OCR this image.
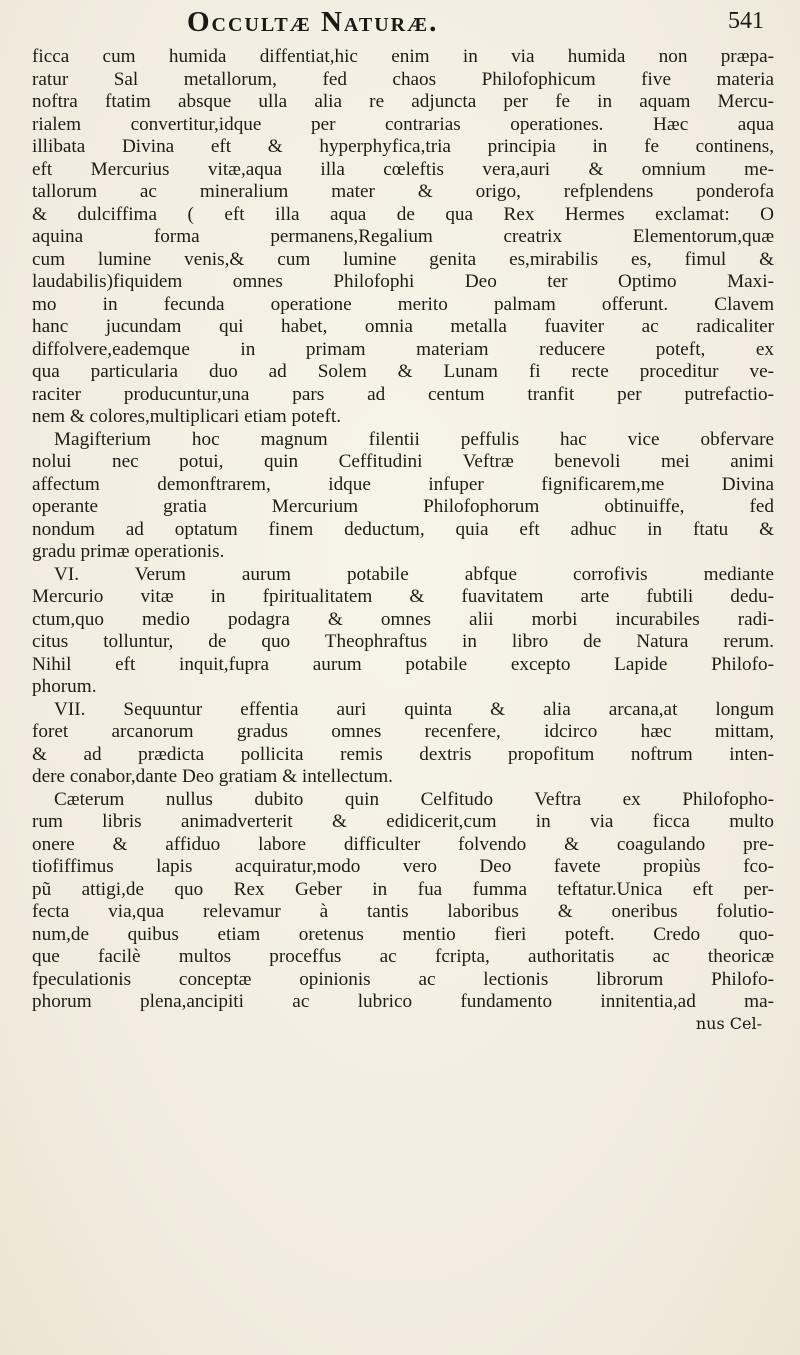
Occultæ Naturæ.	541
ficca cum humida diffentiat,hic enim in via humida non præpa-
ratur Sal metallorum, fed chaos Philofophicum five materia
noftra ftatim absque ulla alia re adjuncta per fe in aquam Mercu-
rialem convertitur,idque per contrarias operationes. Hæc aqua
illibata Divina eft & hyperphyfica,tria principia in fe continens,
eft Mercurius vitæ,aqua illa cœleftis vera,auri & omnium me-
tallorum ac mineralium mater & origo, refplendens ponderofa
& dulciffima ( eft illa aqua de qua Rex Hermes exclamat: O
aquina forma permanens,Regalium creatrix Elementorum,quæ
cum lumine venis,& cum lumine genita es,mirabilis es, fimul &
laudabilis)fiquidem omnes Philofophi Deo ter Optimo Maxi-
mo in fecunda operatione merito palmam offerunt. Clavem
hanc jucundam qui habet, omnia metalla fuaviter ac radicaliter
diffolvere,eademque in primam materiam reducere poteft, ex
qua particularia duo ad Solem & Lunam fi recte proceditur ve-
raciter producuntur,una pars ad centum tranfit per putrefactio-
nem & colores,multiplicari etiam poteft.
Magifterium hoc magnum filentii peffulis hac vice obfervare
nolui nec potui, quin Ceffitudini Veftræ benevoli mei animi
affectum demonftrarem, idque infuper fignificarem,me Divina
operante gratia Mercurium Philofophorum obtinuiffe, fed
nondum ad optatum finem deductum, quia eft adhuc in ftatu &
gradu primæ operationis.
VI. Verum aurum potabile abfque corrofivis mediante
Mercurio vitæ in fpiritualitatem & fuavitatem arte fubtili dedu-
ctum,quo medio podagra & omnes alii morbi incurabiles radi-
citus tolluntur, de quo Theophraftus in libro de Natura rerum.
Nihil eft inquit,fupra aurum potabile excepto Lapide Philofo-
phorum.
VII. Sequuntur effentia auri quinta & alia arcana,at longum
foret arcanorum gradus omnes recenfere, idcirco hæc mittam,
& ad prædicta pollicita remis dextris propofitum noftrum inten-
dere conabor,dante Deo gratiam & intellectum.
Cæterum nullus dubito quin Celfitudo Veftra ex Philofopho-
rum libris animadverterit & edidicerit,cum in via ficca multo
onere & affiduo labore difficulter folvendo & coagulando pre-
tiofiffimus lapis acquiratur,modo vero Deo favete propiùs fco-
pũ attigi,de quo Rex Geber in fua fumma teftatur.Unica eft per-
fecta via,qua relevamur à tantis laboribus & oneribus folutio-
num,de quibus etiam oretenus mentio fieri poteft. Credo quo-
que facilè multos proceffus ac fcripta, authoritatis ac theoricæ
fpeculationis conceptæ opinionis ac lectionis librorum Philofo-
phorum plena,ancipiti ac lubrico fundamento innitentia,ad ma-
nus Cel-
